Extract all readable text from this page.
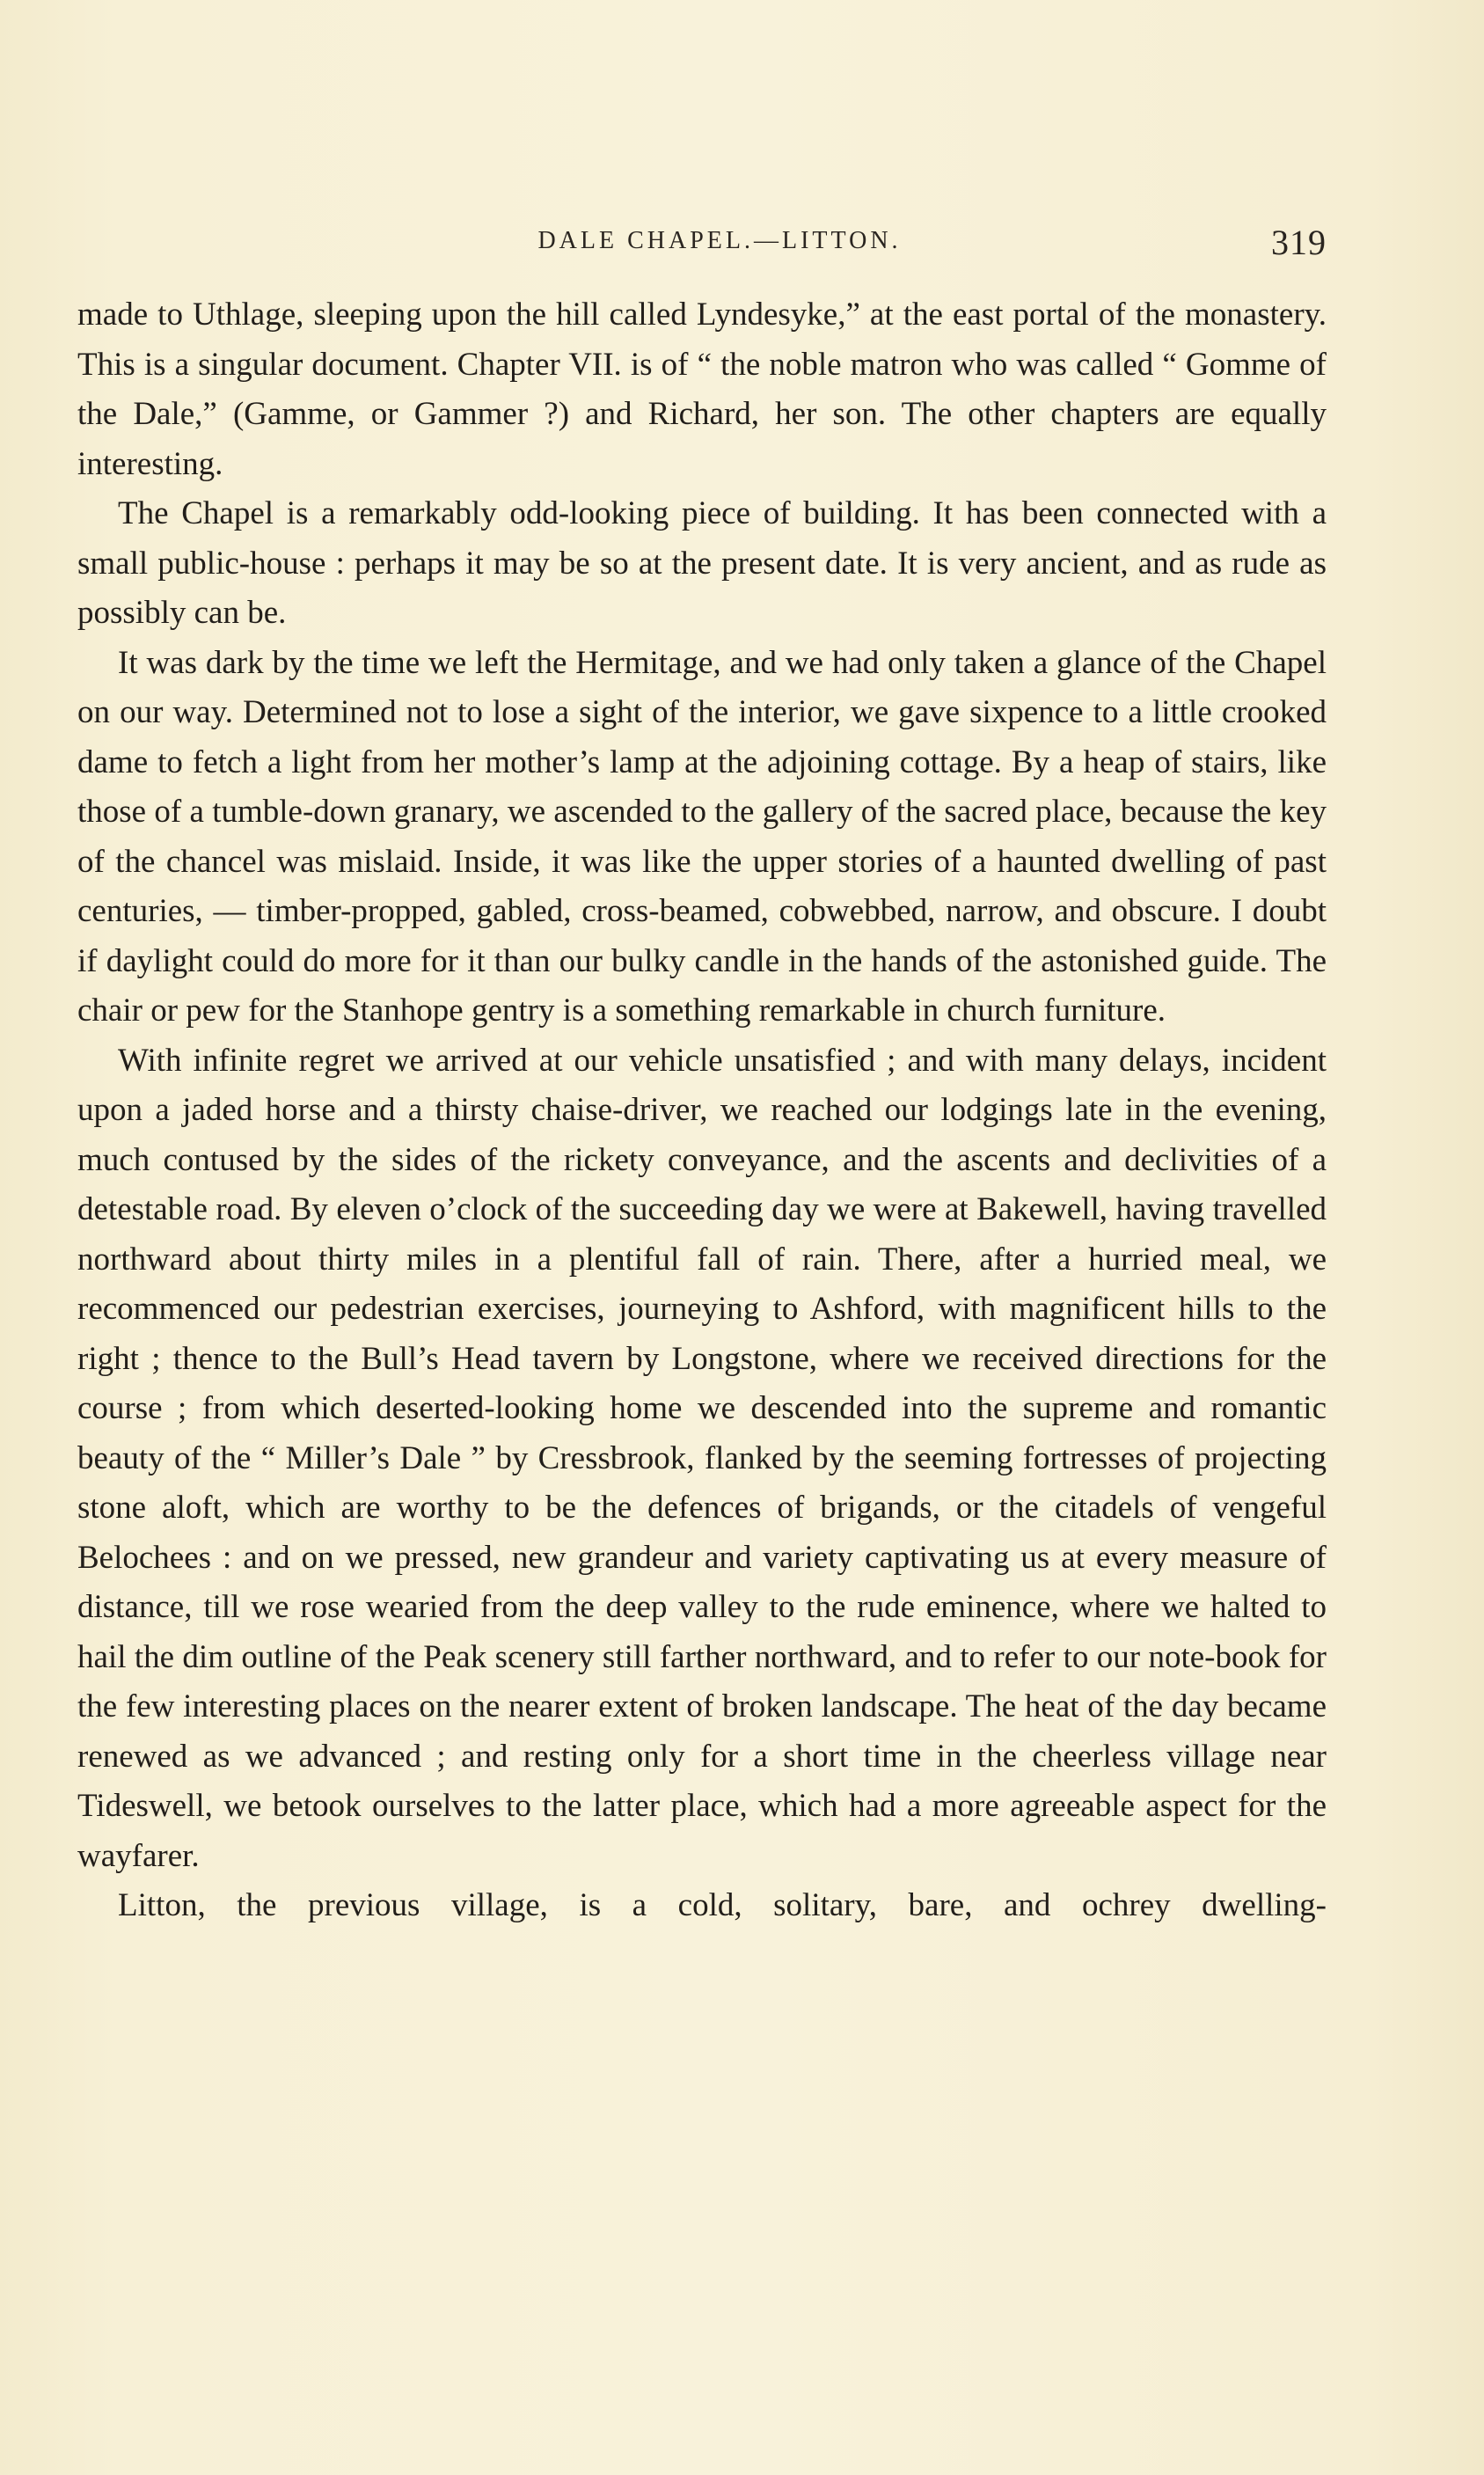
DALE CHAPEL.—LITTON.	319

made to Uthlage, sleeping upon the hill called Lyndesyke,” at the east portal of the monastery. This is a singular document. Chapter VII. is of “ the noble matron who was called “ Gomme of the Dale,” (Gamme, or Gammer ?) and Richard, her son. The other chapters are equally interesting.

The Chapel is a remarkably odd-looking piece of building. It has been connected with a small public-house : perhaps it may be so at the present date. It is very ancient, and as rude as possibly can be.

It was dark by the time we left the Hermitage, and we had only taken a glance of the Chapel on our way. Determined not to lose a sight of the interior, we gave sixpence to a little crooked dame to fetch a light from her mother’s lamp at the adjoining cottage. By a heap of stairs, like those of a tumble-down granary, we ascended to the gallery of the sacred place, because the key of the chancel was mislaid. Inside, it was like the upper stories of a haunted dwelling of past centuries, — timber-propped, gabled, cross-beamed, cobwebbed, narrow, and obscure. I doubt if daylight could do more for it than our bulky candle in the hands of the astonished guide. The chair or pew for the Stanhope gentry is a something remarkable in church furniture.

With infinite regret we arrived at our vehicle unsatisfied ; and with many delays, incident upon a jaded horse and a thirsty chaise-driver, we reached our lodgings late in the evening, much contused by the sides of the rickety conveyance, and the ascents and declivities of a detestable road. By eleven o’clock of the succeeding day we were at Bakewell, having travelled northward about thirty miles in a plentiful fall of rain. There, after a hurried meal, we recommenced our pedestrian exercises, journeying to Ashford, with magnificent hills to the right ; thence to the Bull’s Head tavern by Longstone, where we received directions for the course ; from which deserted-looking home we descended into the supreme and romantic beauty of the “ Miller’s Dale ” by Cressbrook, flanked by the seeming fortresses of projecting stone aloft, which are worthy to be the defences of brigands, or the citadels of vengeful Belochees : and on we pressed, new grandeur and variety captivating us at every measure of distance, till we rose wearied from the deep valley to the rude eminence, where we halted to hail the dim outline of the Peak scenery still farther northward, and to refer to our note-book for the few interesting places on the nearer extent of broken landscape. The heat of the day became renewed as we advanced ; and resting only for a short time in the cheerless village near Tideswell, we betook ourselves to the latter place, which had a more agreeable aspect for the wayfarer.

Litton, the previous village, is a cold, solitary, bare, and ochrey dwelling-
